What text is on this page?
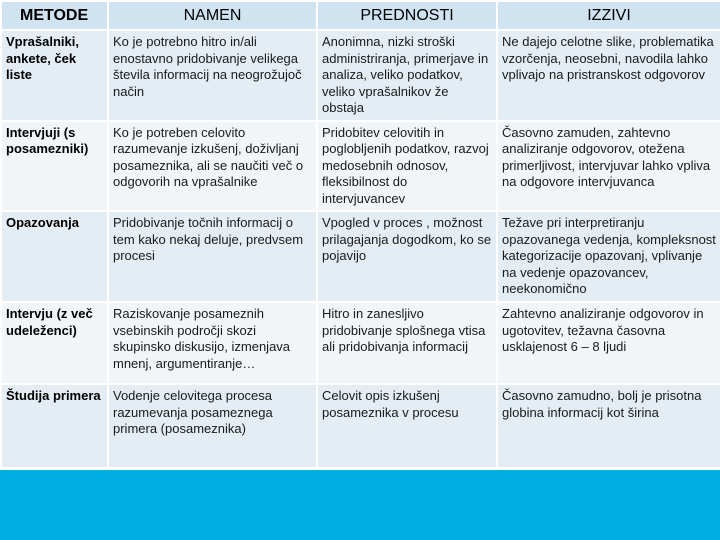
METODE	NAMEN	PREDNOSTI	IZZIVI
Vprašalniki, ankete, ček liste	Ko je potrebno hitro in/ali enostavno pridobivanje velikega števila informacij na neogrožujoč način	Anonimna, nizki stroški administriranja, primerjave in analiza, veliko podatkov, veliko vprašalnikov že obstaja	Ne dajejo celotne slike, problematika vzorčenja, neosebni, navodila lahko vplivajo na pristranskost odgovorov
Intervjuji (s posamezniki)	Ko je potreben celovito razumevanje izkušenj, doživljanj posameznika, ali se naučiti več o odgovorih na vprašalnike	Pridobitev celovitih in poglobljenih podatkov, razvoj medosebnih odnosov, fleksibilnost do intervjuvancev	Časovno zamuden, zahtevno analiziranje odgovorov, otežena primerljivost, intervjuvar lahko vpliva na odgovore intervjuvanca
Opazovanja	Pridobivanje točnih informacij o tem kako nekaj deluje, predvsem procesi	Vpogled v proces , možnost prilagajanja dogodkom, ko se pojavijo	Težave pri interpretiranju opazovanega vedenja, kompleksnost kategorizacije opazovanj, vplivanje na vedenje opazovancev, neekonomično
Intervju (z več udeleženci)	Raziskovanje posameznih vsebinskih področji skozi skupinsko diskusijo, izmenjava mnenj, argumentiranje…	Hitro in zanesljivo pridobivanje splošnega vtisa ali pridobivanja informacij	Zahtevno analiziranje odgovorov in ugotovitev, težavna časovna usklajenost 6 – 8 ljudi
Študija primera	Vodenje celovitega procesa razumevanja posameznega primera (posameznika)	Celovit opis izkušenj posameznika v procesu	Časovno zamudno, bolj je prisotna globina informacij kot širina
